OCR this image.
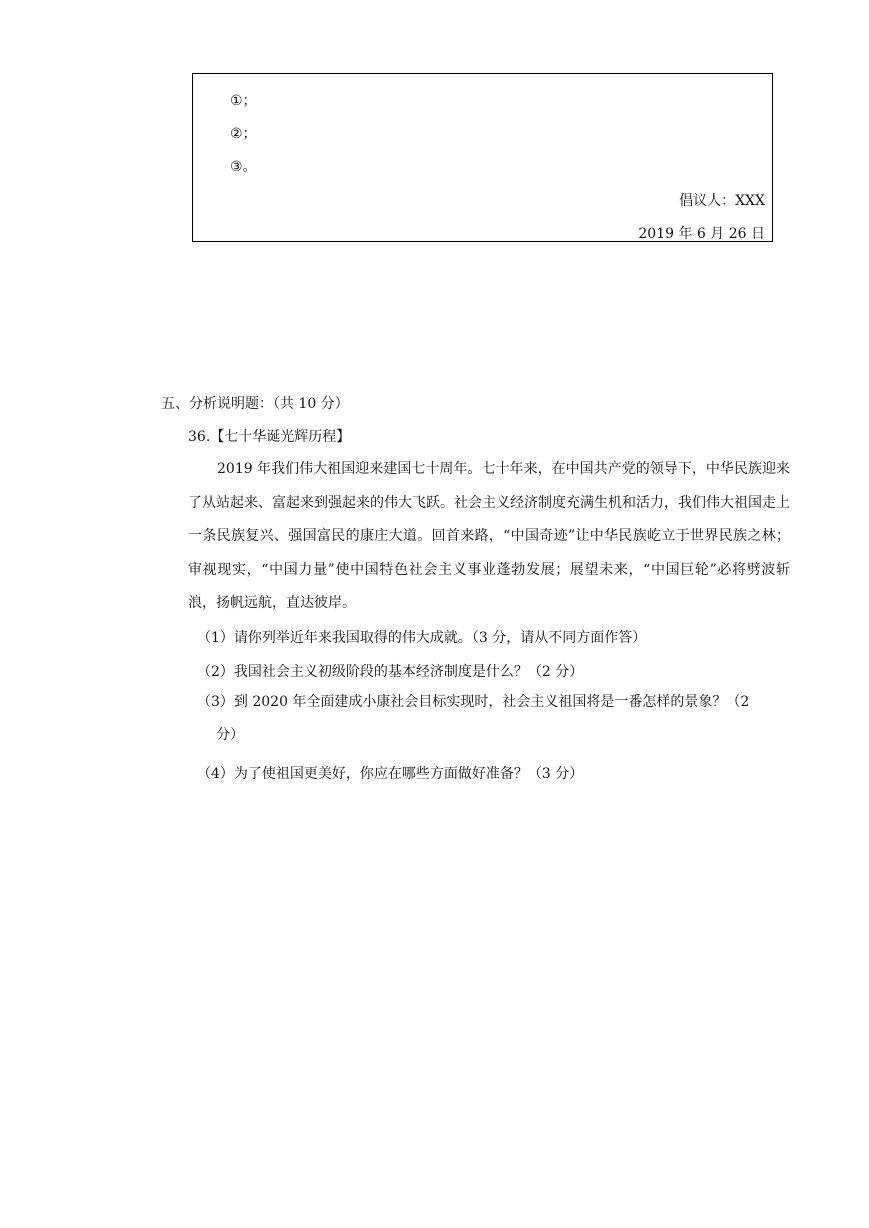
①；
②；
③。
倡议人：XXX
2019 年 6 月 26 日
五、分析说明题：（共 10 分）
36.【七十华诞光辉历程】

2019 年我们伟大祖国迎来建国七十周年。七十年来，在中国共产党的领导下，中华民族迎来了从站起来、富起来到强起来的伟大飞跃。社会主义经济制度充满生机和活力，我们伟大祖国走上一条民族复兴、强国富民的康庄大道。回首来路，“中国奇迹”让中华民族屹立于世界民族之林；审视现实，“中国力量”使中国特色社会主义事业蓬勃发展；展望未来，“中国巨轮”必将劈波斩浪，扬帆远航，直达彼岸。

（1）请你列举近年来我国取得的伟大成就。（3 分，请从不同方面作答）
（2）我国社会主义初级阶段的基本经济制度是什么？（2 分）
（3）到 2020 年全面建成小康社会目标实现时，社会主义祖国将是一番怎样的景象？（2
分）
（4）为了使祖国更美好，你应在哪些方面做好准备？（3 分）
